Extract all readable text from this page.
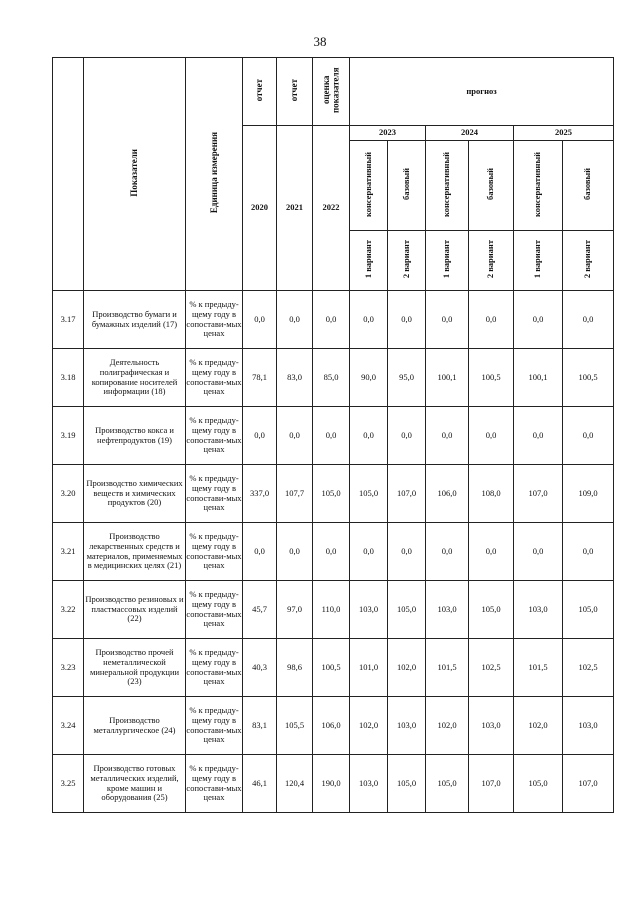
38
	Показатели	Единица измерения	отчет	отчет	оценка показателя	прогноз					
			2020	2021	2022	2023		2024		2025	
						консервативный	базовый	консервативный	базовый	консервативный	базовый
						1 вариант	2 вариант	1 вариант	2 вариант	1 вариант	2 вариант
3.17	Производство бумаги и бумажных изделий (17)	% к предыду-щему году в сопостави-мых ценах	0,0	0,0	0,0	0,0	0,0	0,0	0,0	0,0	0,0
3.18	Деятельность полиграфическая и копирование носителей информации (18)	% к предыду-щему году в сопостави-мых ценах	78,1	83,0	85,0	90,0	95,0	100,1	100,5	100,1	100,5
3.19	Производство кокса и нефтепродуктов (19)	% к предыду-щему году в сопостави-мых ценах	0,0	0,0	0,0	0,0	0,0	0,0	0,0	0,0	0,0
3.20	Производство химических веществ и химических продуктов (20)	% к предыду-щему году в сопостави-мых ценах	337,0	107,7	105,0	105,0	107,0	106,0	108,0	107,0	109,0
3.21	Производство лекарственных средств и материалов, применяемых в медицинских целях (21)	% к предыду-щему году в сопостави-мых ценах	0,0	0,0	0,0	0,0	0,0	0,0	0,0	0,0	0,0
3.22	Производство резиновых и пластмассовых изделий (22)	% к предыду-щему году в сопостави-мых ценах	45,7	97,0	110,0	103,0	105,0	103,0	105,0	103,0	105,0
3.23	Производство прочей неметаллической минеральной продукции (23)	% к предыду-щему году в сопостави-мых ценах	40,3	98,6	100,5	101,0	102,0	101,5	102,5	101,5	102,5
3.24	Производство металлургическое (24)	% к предыду-щему году в сопостави-мых ценах	83,1	105,5	106,0	102,0	103,0	102,0	103,0	102,0	103,0
3.25	Производство готовых металлических изделий, кроме машин и оборудования (25)	% к предыду-щему году в сопостави-мых ценах	46,1	120,4	190,0	103,0	105,0	105,0	107,0	105,0	107,0
